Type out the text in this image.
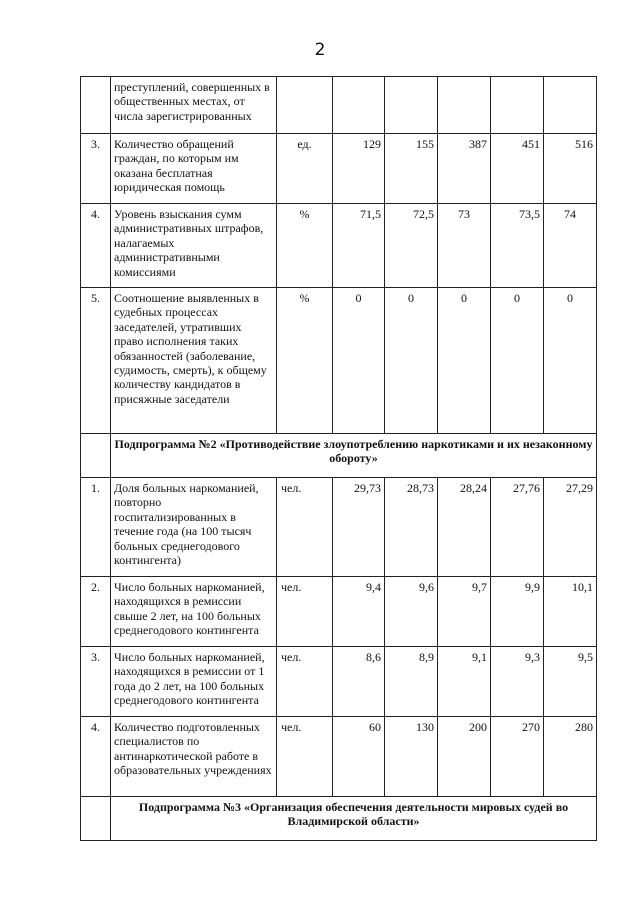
2

	преступлений, совершенных в общественных местах, от числа зарегистрированных						

3.	Количество обращений граждан, по которым им оказана бесплатная юридическая помощь	ед.	129	155	387	451	516
4.	Уровень взыскания сумм административных штрафов, налагаемых административными комиссиями	%	71,5	72,5	73	73,5	74
5.	Соотношение выявленных в судебных процессах заседателей, утративших право исполнения таких обязанностей (заболевание, судимость, смерть), к общему количеству кандидатов в присяжные заседатели	%	0	0	0	0	0
	Подпрограмма №2 «Противодействие злоупотреблению наркотиками и их незаконному обороту»						
1.	Доля больных наркоманией, повторно госпитализированных в течение года (на 100 тысяч больных среднегодового контингента)	чел.	29,73	28,73	28,24	27,76	27,29
2.	Число больных наркоманией, находящихся в ремиссии свыше 2 лет, на 100 больных среднегодового контингента	чел.	9,4	9,6	9,7	9,9	10,1
3.	Число больных наркоманией, находящихся в ремиссии от 1 года до 2 лет, на 100 больных среднегодового контингента	чел.	8,6	8,9	9,1	9,3	9,5
4.	Количество подготовленных специалистов по антинаркотической работе в образовательных учреждениях	чел.	60	130	200	270	280
	Подпрограмма №3 «Организация обеспечения деятельности мировых судей во Владимирской области»						
